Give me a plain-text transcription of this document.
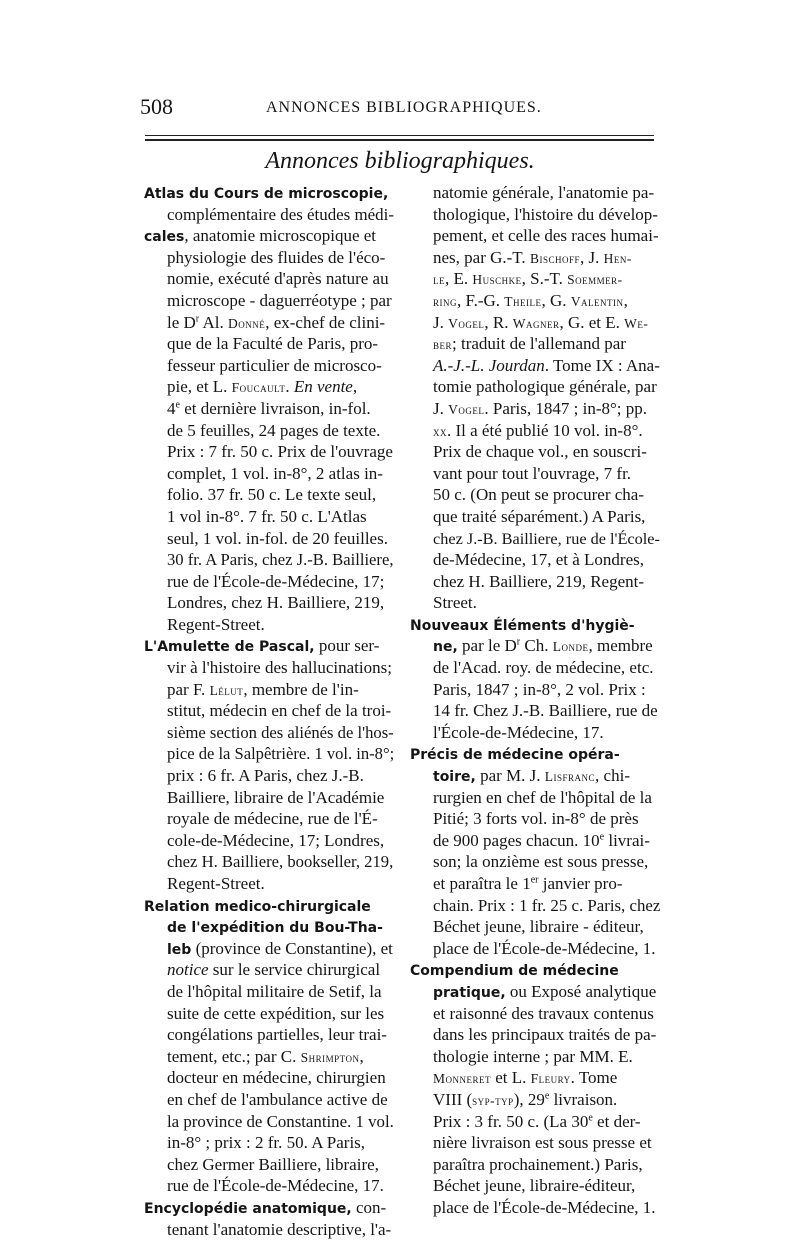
508	ANNONCES BIBLIOGRAPHIQUES.
Annonces bibliographiques.
Atlas du Cours de microscopie,
complémentaire des études médi-
cales, anatomie microscopique et
physiologie des fluides de l'éco-
nomie, exécuté d'après nature au
microscope - daguerréotype ; par
le $D^r$ Al. Donné, ex-chef de clini-
que de la Faculté de Paris, pro-
fesseur particulier de microsco-
pie, et L. Foucault. En vente,
4e et dernière livraison, in-fol.
de 5 feuilles, 24 pages de texte.
Prix : 7 fr. 50 c. Prix de l'ouvrage
complet, 1 vol. in-8°, 2 atlas in-
folio. 37 fr. 50 c. Le texte seul,
1 vol in-8°. 7 fr. 50 c. L'Atlas
seul, 1 vol. in-fol. de 20 feuilles.
30 fr. A Paris, chez J.-B. Bailliere,
rue de l'École-de-Médecine, 17;
Londres, chez H. Bailliere, 219,
Regent-Street.
L'Amulette de Pascal, pour ser-
vir à l'histoire des hallucinations;
par F. Lélut, membre de l'in-
stitut, médecin en chef de la troi-
sième section des aliénés de l'hos-
pice de la Salpêtrière. 1 vol. in-8°;
prix : 6 fr. A Paris, chez J.-B.
Bailliere, libraire de l'Académie
royale de médecine, rue de l'É-
cole-de-Médecine, 17; Londres,
chez H. Bailliere, bookseller, 219,
Regent-Street.
Relation medico-chirurgicale
de l'expédition du Bou-Tha-
leb (province de Constantine), et
notice sur le service chirurgical
de l'hôpital militaire de Setif, la
suite de cette expédition, sur les
congélations partielles, leur trai-
tement, etc.; par C. Shrimpton,
docteur en médecine, chirurgien
en chef de l'ambulance active de
la province de Constantine. 1 vol.
in-8° ; prix : 2 fr. 50. A Paris,
chez Germer Bailliere, libraire,
rue de l'École-de-Médecine, 17.
Encyclopédie anatomique, con-
tenant l'anatomie descriptive, l'a-
natomie générale, l'anatomie pa-
thologique, l'histoire du dévelop-
pement, et celle des races humai-
nes, par G.-T. Bischoff, J. Hen-
le, E. Huschke, S.-T. Soemmer-
ring, F.-G. Theile, G. Valentin,
J. Vogel, R. Wagner, G. et E. We-
ber; traduit de l'allemand par
A.-J.-L. Jourdan. Tome IX : Ana-
tomie pathologique générale, par
J. Vogel. Paris, 1847 ; in-8°; pp.
xx. Il a été publié 10 vol. in-8°.
Prix de chaque vol., en souscri-
vant pour tout l'ouvrage, 7 fr.
50 c. (On peut se procurer cha-
que traité séparément.) A Paris,
chez J.-B. Bailliere, rue de l'École-
de-Médecine, 17, et à Londres,
chez H. Bailliere, 219, Regent-
Street.
Nouveaux Éléments d'hygiè-
ne, par le $D^r$ Ch. Londe, membre
de l'Acad. roy. de médecine, etc.
Paris, 1847 ; in-8°, 2 vol. Prix :
14 fr. Chez J.-B. Bailliere, rue de
l'École-de-Médecine, 17.
Précis de médecine opéra-
toire, par M. J. Lisfranc, chi-
rurgien en chef de l'hôpital de la
Pitié; 3 forts vol. in-8° de près
de 900 pages chacun. 10e livrai-
son; la onzième est sous presse,
et paraîtra le 1er janvier pro-
chain. Prix : 1 fr. 25 c. Paris, chez
Béchet jeune, libraire - éditeur,
place de l'École-de-Médecine, 1.
Compendium de médecine
pratique, ou Exposé analytique
et raisonné des travaux contenus
dans les principaux traités de pa-
thologie interne ; par MM. E.
Monneret et L. Fleury. Tome
VIII (syp-typ), 29e livraison.
Prix : 3 fr. 50 c. (La 30e et der-
nière livraison est sous presse et
paraîtra prochainement.) Paris,
Béchet jeune, libraire-éditeur,
place de l'École-de-Médecine, 1.
